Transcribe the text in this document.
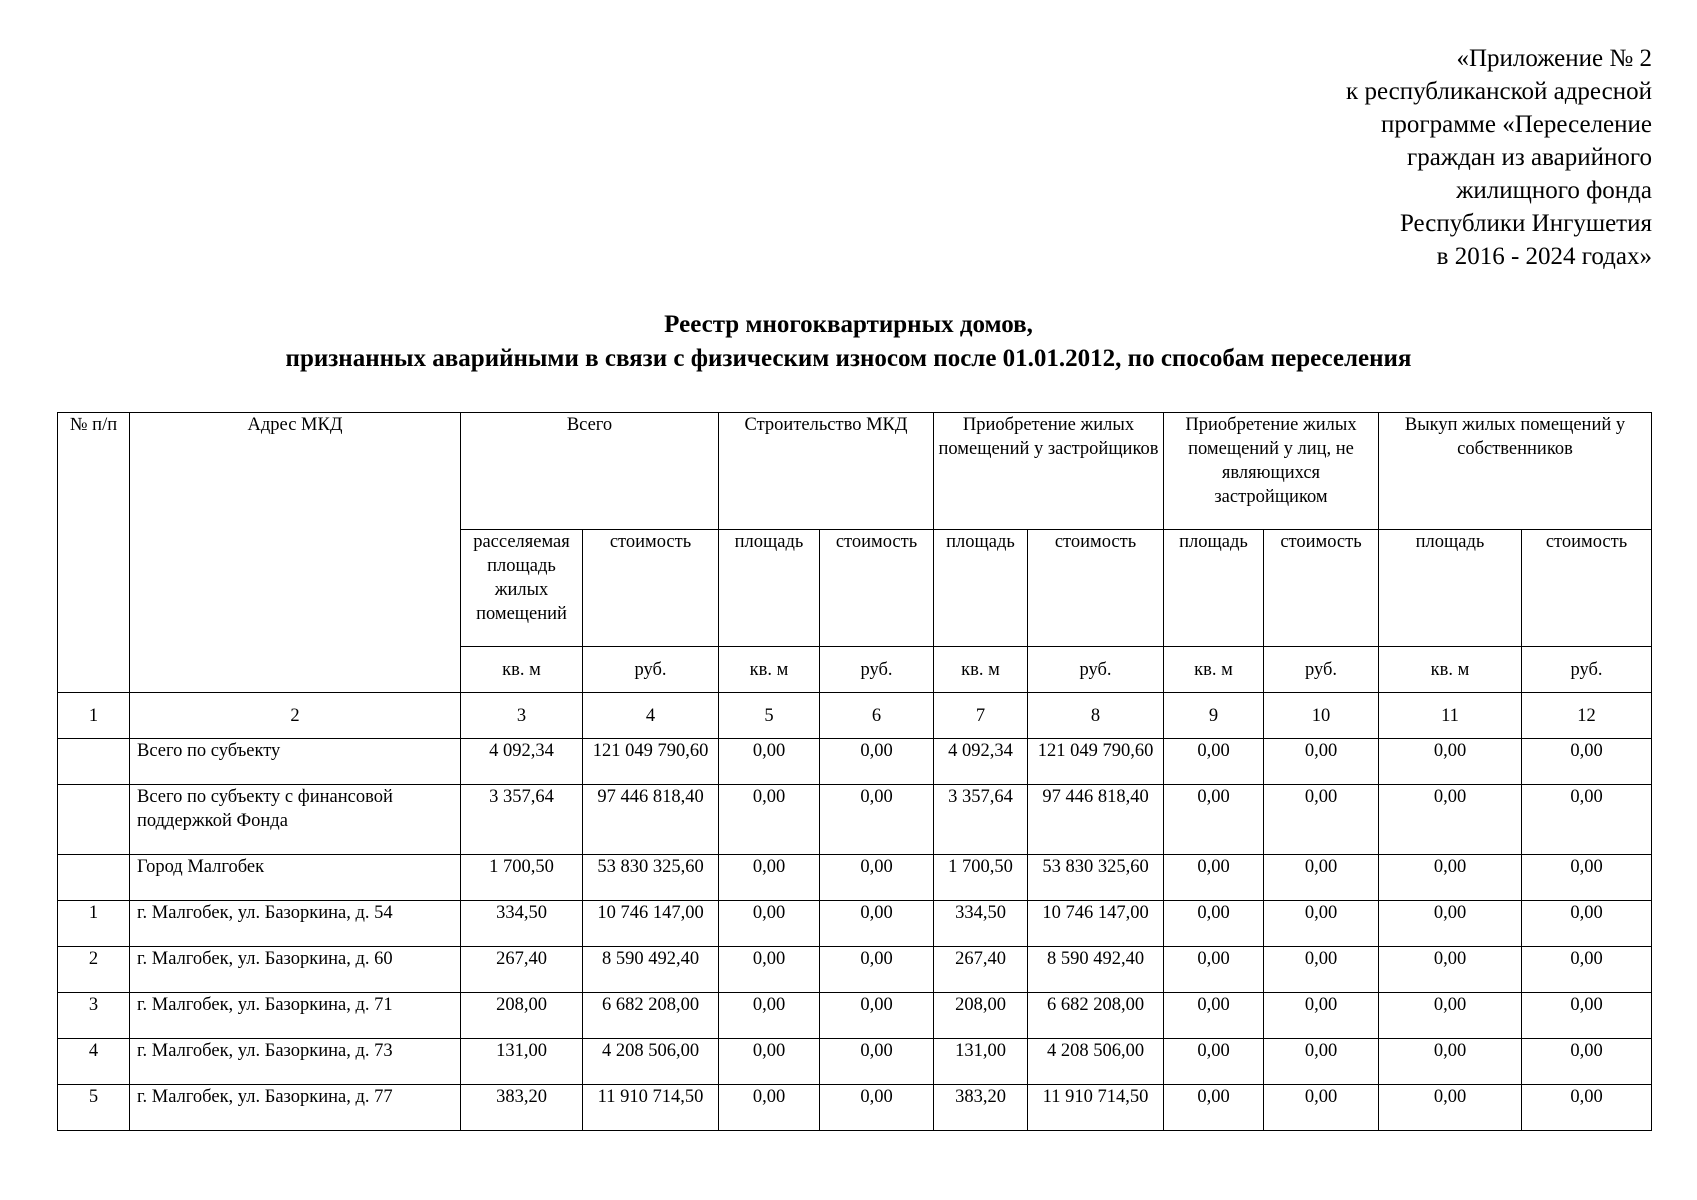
«Приложение № 2
к республиканской адресной
программе «Переселение
граждан из аварийного
жилищного фонда
Республики Ингушетия
в 2016 - 2024 годах»
Реестр многоквартирных домов,
признанных аварийными в связи с физическим износом после 01.01.2012, по способам переселения
№ п/п	Адрес МКД	Всего		Строительство МКД		Приобретение жилых помещений у застройщиков		Приобретение жилых помещений у лиц, не являющихся застройщиком		Выкуп жилых помещений у собственников	
		расселяемая площадь жилых помещений	стоимость	площадь	стоимость	площадь	стоимость	площадь	стоимость	площадь	стоимость
		кв. м	руб.	кв. м	руб.	кв. м	руб.	кв. м	руб.	кв. м	руб.
1	2	3	4	5	6	7	8	9	10	11	12
	Всего по субъекту	4 092,34	121 049 790,60	0,00	0,00	4 092,34	121 049 790,60	0,00	0,00	0,00	0,00
	Всего по субъекту с финансовой поддержкой Фонда	3 357,64	97 446 818,40	0,00	0,00	3 357,64	97 446 818,40	0,00	0,00	0,00	0,00
	Город Малгобек	1 700,50	53 830 325,60	0,00	0,00	1 700,50	53 830 325,60	0,00	0,00	0,00	0,00
1	г. Малгобек, ул. Базоркина, д. 54	334,50	10 746 147,00	0,00	0,00	334,50	10 746 147,00	0,00	0,00	0,00	0,00
2	г. Малгобек, ул. Базоркина, д. 60	267,40	8 590 492,40	0,00	0,00	267,40	8 590 492,40	0,00	0,00	0,00	0,00
3	г. Малгобек, ул. Базоркина, д. 71	208,00	6 682 208,00	0,00	0,00	208,00	6 682 208,00	0,00	0,00	0,00	0,00
4	г. Малгобек, ул. Базоркина, д. 73	131,00	4 208 506,00	0,00	0,00	131,00	4 208 506,00	0,00	0,00	0,00	0,00
5	г. Малгобек, ул. Базоркина, д. 77	383,20	11 910 714,50	0,00	0,00	383,20	11 910 714,50	0,00	0,00	0,00	0,00
